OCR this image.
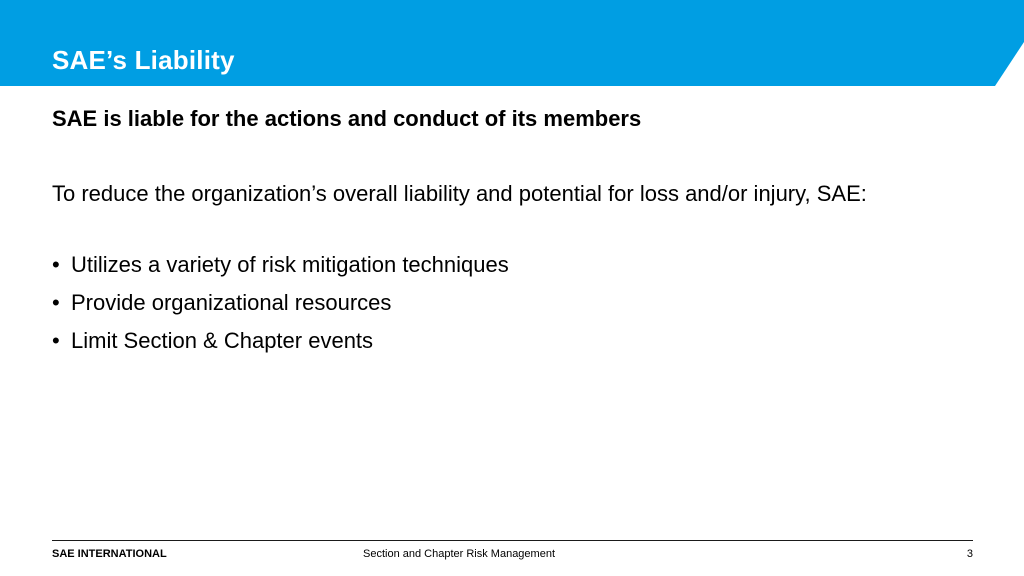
SAE’s Liability

SAE is liable for the actions and conduct of its members

To reduce the organization’s overall liability and potential for loss and/or injury, SAE:

• Utilizes a variety of risk mitigation techniques
• Provide organizational resources
• Limit Section & Chapter events
SAE INTERNATIONAL	Section and Chapter Risk Management	3
